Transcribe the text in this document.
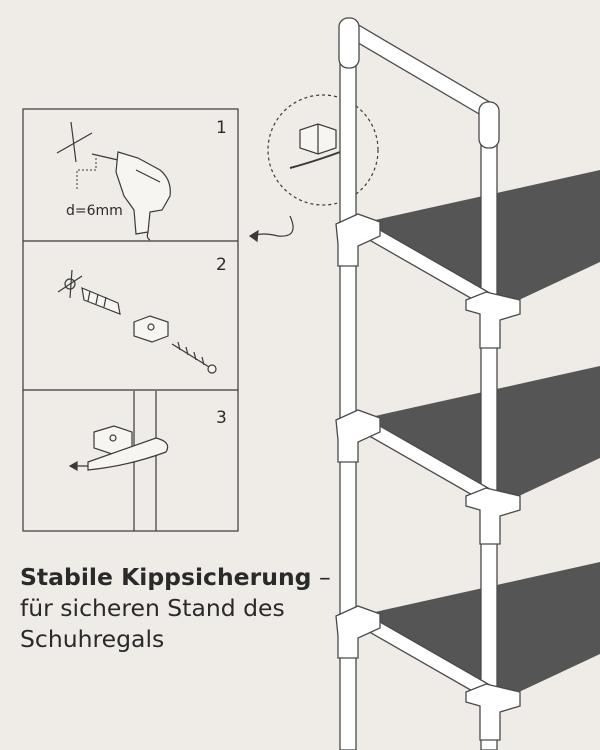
1
2
3
d=6mm
Stabile Kippsicherung –
für sicheren Stand des
Schuhregals
